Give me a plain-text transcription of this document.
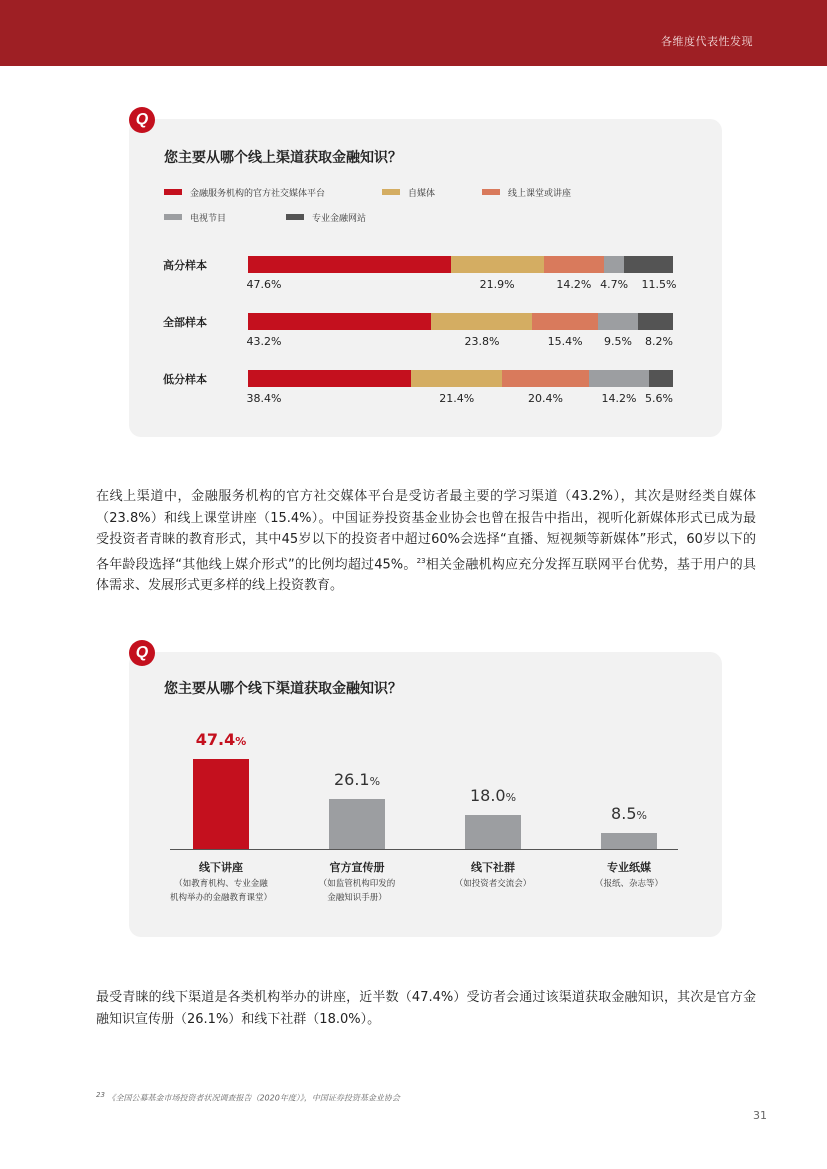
各维度代表性发现
Q
您主要从哪个线上渠道获取金融知识？
金融服务机构的官方社交媒体平台	自媒体	线上课堂或讲座
电视节目	专业金融网站
高分样本
47.6%	21.9%	14.2% 4.7% 11.5%
全部样本
43.2%	23.8%	15.4% 9.5% 8.2%
低分样本
38.4%	21.4%	20.4%	14.2% 5.6%
在线上渠道中，金融服务机构的官方社交媒体平台是受访者最主要的学习渠道（43.2%），其次是财经类自媒体（23.8%）和线上课堂讲座（15.4%）。中国证券投资基金业协会也曾在报告中指出，视听化新媒体形式已成为最受投资者青睐的教育形式，其中45岁以下的投资者中超过60%会选择“直播、短视频等新媒体”形式，60岁以下的各年龄段选择“其他线上媒介形式”的比例均超过45%。$^{23}$相关金融机构应充分发挥互联网平台优势，基于用户的具体需求、发展形式更多样的线上投资教育。
Q
您主要从哪个线下渠道获取金融知识？
47.4%
线下讲座
（如教育机构、专业金融
机构举办的金融教育课堂）
26.1%
官方宣传册
（如监管机构印发的
金融知识手册）
18.0%
线下社群
（如投资者交流会）
8.5%
专业纸媒
（报纸、杂志等）
最受青睐的线下渠道是各类机构举办的讲座，近半数（47.4%）受访者会通过该渠道获取金融知识，其次是官方金融知识宣传册（26.1%）和线下社群（18.0%）。
23 《全国公募基金市场投资者状况调查报告（2020年度）》，中国证券投资基金业协会
31
